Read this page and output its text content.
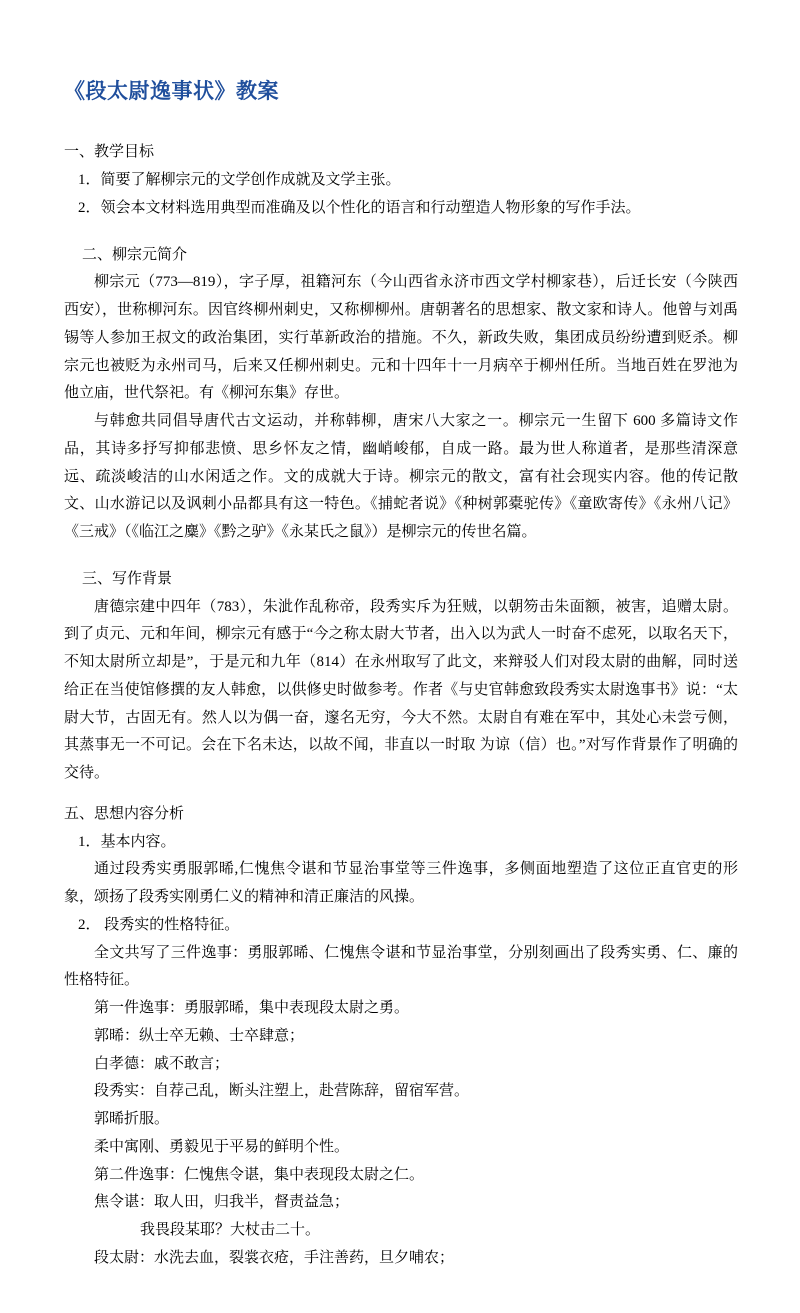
《段太尉逸事状》教案

一、教学目标

1．简要了解柳宗元的文学创作成就及文学主张。

2．领会本文材料选用典型而准确及以个性化的语言和行动塑造人物形象的写作手法。

二、柳宗元简介

柳宗元（773—819），字子厚，祖籍河东（今山西省永济市西文学村柳家巷），后迁长安（今陕西西安），世称柳河东。因官终柳州刺史，又称柳柳州。唐朝著名的思想家、散文家和诗人。他曾与刘禹锡等人参加王叔文的政治集团，实行革新政治的措施。不久，新政失败，集团成员纷纷遭到贬杀。柳宗元也被贬为永州司马，后来又任柳州刺史。元和十四年十一月病卒于柳州任所。当地百姓在罗池为他立庙，世代祭祀。有《柳河东集》存世。

与韩愈共同倡导唐代古文运动，并称韩柳，唐宋八大家之一。柳宗元一生留下 600 多篇诗文作品，其诗多抒写抑郁悲愤、思乡怀友之情，幽峭峻郁，自成一路。最为世人称道者，是那些清深意远、疏淡峻洁的山水闲适之作。文的成就大于诗。柳宗元的散文，富有社会现实内容。他的传记散文、山水游记以及讽刺小品都具有这一特色。《捕蛇者说》《种树郭橐驼传》《童欧寄传》《永州八记》《三戒》（《临江之麋》《黔之驴》《永某氏之鼠》）是柳宗元的传世名篇。

三、写作背景

唐德宗建中四年（783），朱泚作乱称帝，段秀实斥为狂贼，以朝笏击朱面额，被害，追赠太尉。到了贞元、元和年间，柳宗元有感于“今之称太尉大节者，出入以为武人一时奋不虑死，以取名天下，不知太尉所立却是”，于是元和九年（814）在永州取写了此文，来辩驳人们对段太尉的曲解，同时送给正在当使馆修撰的友人韩愈，以供修史时做参考。作者《与史官韩愈致段秀实太尉逸事书》说：“太尉大节，古固无有。然人以为偶一奋，邃名无穷，今大不然。太尉自有难在军中，其处心未尝亏侧，其蒸事无一不可记。会在下名未达，以故不闻，非直以一时取 为谅（信）也。”对写作背景作了明确的交待。

五、思想内容分析

1．基本内容。

通过段秀实勇服郭晞,仁愧焦令谌和节显治事堂等三件逸事，多侧面地塑造了这位正直官吏的形象，颂扬了段秀实刚勇仁义的精神和清正廉洁的风操。

2． 段秀实的性格特征。

全文共写了三件逸事：勇服郭晞、仁愧焦令谌和节显治事堂，分别刻画出了段秀实勇、仁、廉的性格特征。

第一件逸事：勇服郭晞，集中表现段太尉之勇。

郭晞：纵士卒无赖、士卒肆意；

白孝德：戚不敢言；

段秀实：自荐己乱，断头注塑上，赴营陈辞，留宿军营。

郭晞折服。

柔中寓刚、勇毅见于平易的鲜明个性。

第二件逸事：仁愧焦令谌，集中表现段太尉之仁。

焦令谌：取人田，归我半，督责益急；

我畏段某耶？大杖击二十。

段太尉：水洗去血，裂裳衣疮，手注善药，旦夕哺农；
